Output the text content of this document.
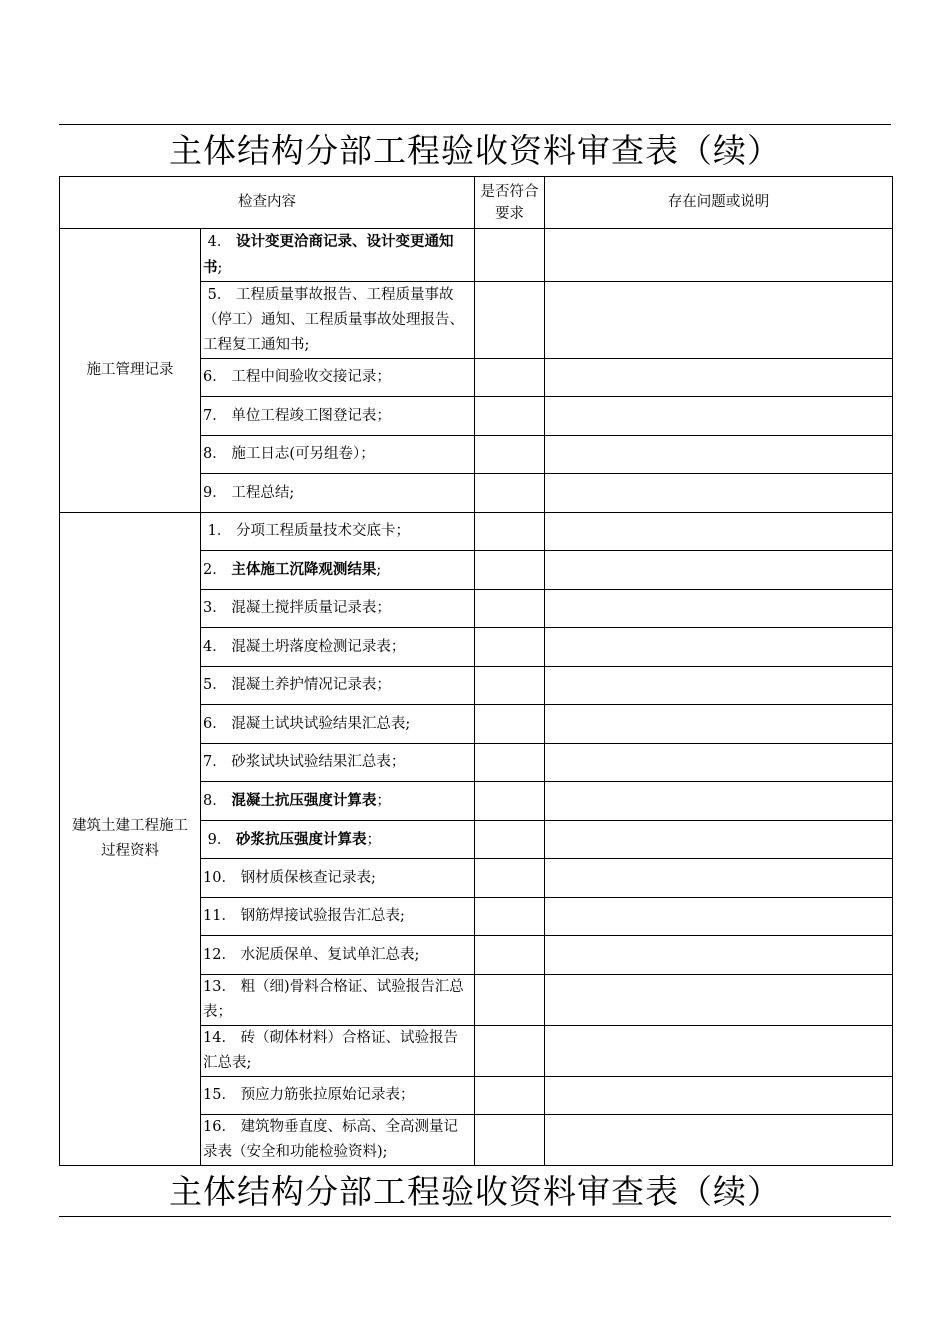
主体结构分部工程验收资料审查表（续）
检查内容		是否符合要求	存在问题或说明
施工管理记录	4． 设计变更洽商记录、设计变更通知书;		
	5． 工程质量事故报告、工程质量事故（停工）通知、工程质量事故处理报告、工程复工通知书;		
	6． 工程中间验收交接记录；		
	7． 单位工程竣工图登记表；		
	8． 施工日志(可另组卷）；		
	9． 工程总结;		
建筑土建工程施工过程资料	1． 分项工程质量技术交底卡；		
	2． 主体施工沉降观测结果;		
	3． 混凝土搅拌质量记录表；		
	4． 混凝土坍落度检测记录表；		
	5． 混凝土养护情况记录表；		
	6． 混凝土试块试验结果汇总表;		
	7． 砂浆试块试验结果汇总表；		
	8． 混凝土抗压强度计算表；		
	9． 砂浆抗压强度计算表；		
	10． 钢材质保核查记录表;		
	11． 钢筋焊接试验报告汇总表;		
	12． 水泥质保单、复试单汇总表;		
	13． 粗（细)骨料合格证、试验报告汇总表；		
	14． 砖（砌体材料）合格证、试验报告汇总表;		
	15． 预应力筋张拉原始记录表；		
	16． 建筑物垂直度、标高、全高测量记录表（安全和功能检验资料);		
主体结构分部工程验收资料审查表（续）
